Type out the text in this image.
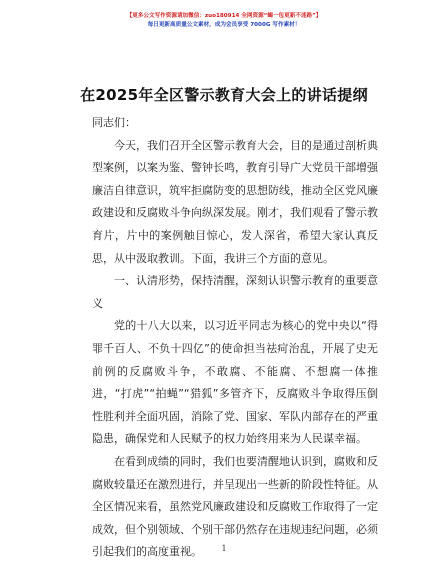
【更多公文写作资源请加微信：zuo180914 全网资源“蝎一包更新不迷路”】
每日更新高质量公文素材，成为会员享受 7000G 写作素材！
在2025年全区警示教育大会上的讲话提纲

同志们：

今天，我们召开全区警示教育大会，目的是通过剖析典型案例，以案为鉴、警钟长鸣，教育引导广大党员干部增强廉洁自律意识，筑牢拒腐防变的思想防线，推动全区党风廉政建设和反腐败斗争向纵深发展。刚才，我们观看了警示教育片，片中的案例触目惊心，发人深省，希望大家认真反思，从中汲取教训。下面，我讲三个方面的意见。

一、认清形势，保持清醒，深刻认识警示教育的重要意义

党的十八大以来，以习近平同志为核心的党中央以“得罪千百人、不负十四亿”的使命担当祛疴治乱，开展了史无前例的反腐败斗争，不敢腐、不能腐、不想腐一体推进，“打虎”“拍蝇”“猎狐”多管齐下，反腐败斗争取得压倒性胜利并全面巩固，消除了党、国家、军队内部存在的严重隐患，确保党和人民赋予的权力始终用来为人民谋幸福。

在看到成绩的同时，我们也要清醒地认识到，腐败和反腐败较量还在激烈进行，并呈现出一些新的阶段性特征。从全区情况来看，虽然党风廉政建设和反腐败工作取得了一定成效，但个别领域、个别干部仍然存在违规违纪问题，必须引起我们的高度重视。	1
